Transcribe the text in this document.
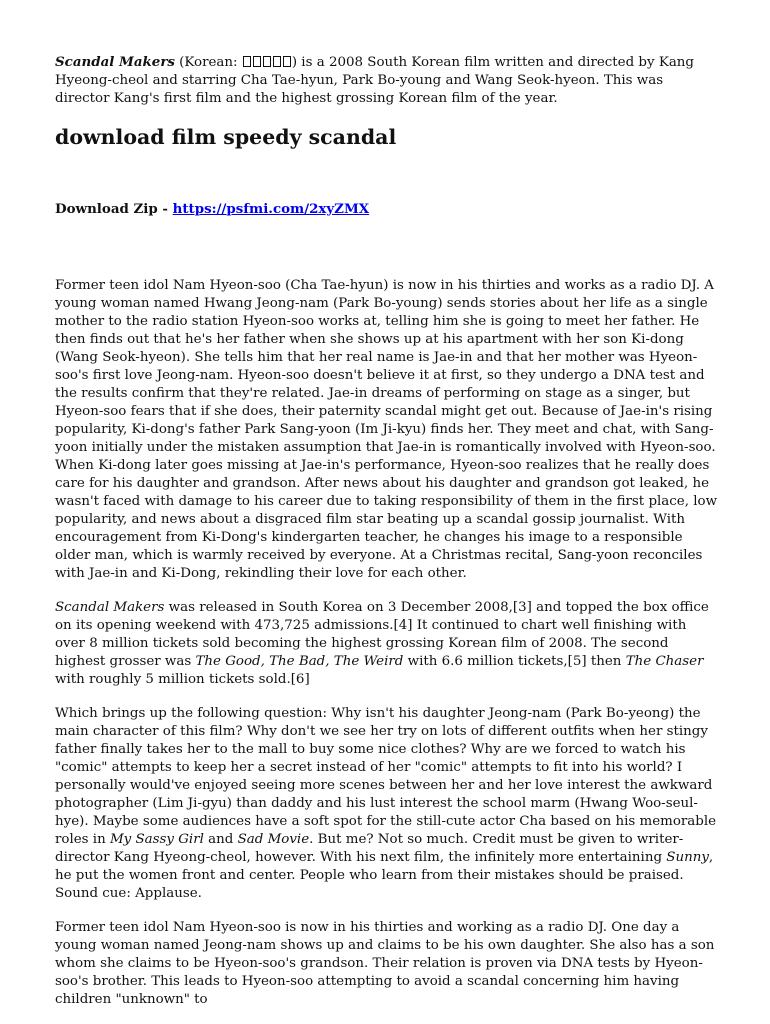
Scandal Makers (Korean:	) is a 2008 South Korean film written and directed by Kang Hyeong-cheol and starring Cha Tae-hyun, Park Bo-young and Wang Seok-hyeon. This was director Kang's first film and the highest grossing Korean film of the year.

download film speedy scandal
Download Zip - https://psfmi.com/2xyZMX

Former teen idol Nam Hyeon-soo (Cha Tae-hyun) is now in his thirties and works as a radio DJ. A young woman named Hwang Jeong-nam (Park Bo-young) sends stories about her life as a single mother to the radio station Hyeon-soo works at, telling him she is going to meet her father. He then finds out that he's her father when she shows up at his apartment with her son Ki-dong (Wang Seok-hyeon). She tells him that her real name is Jae-in and that her mother was Hyeon-soo's first love Jeong-nam. Hyeon-soo doesn't believe it at first, so they undergo a DNA test and the results confirm that they're related. Jae-in dreams of performing on stage as a singer, but Hyeon-soo fears that if she does, their paternity scandal might get out. Because of Jae-in's rising popularity, Ki-dong's father Park Sang-yoon (Im Ji-kyu) finds her. They meet and chat, with Sang-yoon initially under the mistaken assumption that Jae-in is romantically involved with Hyeon-soo. When Ki-dong later goes missing at Jae-in's performance, Hyeon-soo realizes that he really does care for his daughter and grandson. After news about his daughter and grandson got leaked, he wasn't faced with damage to his career due to taking responsibility of them in the first place, low popularity, and news about a disgraced film star beating up a scandal gossip journalist. With encouragement from Ki-Dong's kindergarten teacher, he changes his image to a responsible older man, which is warmly received by everyone. At a Christmas recital, Sang-yoon reconciles with Jae-in and Ki-Dong, rekindling their love for each other.

Scandal Makers was released in South Korea on 3 December 2008,[3] and topped the box office on its opening weekend with 473,725 admissions.[4] It continued to chart well finishing with over 8 million tickets sold becoming the highest grossing Korean film of 2008. The second highest grosser was The Good, The Bad, The Weird with 6.6 million tickets,[5] then The Chaser with roughly 5 million tickets sold.[6]

Which brings up the following question: Why isn't his daughter Jeong-nam (Park Bo-yeong) the main character of this film? Why don't we see her try on lots of different outfits when her stingy father finally takes her to the mall to buy some nice clothes? Why are we forced to watch his "comic" attempts to keep her a secret instead of her "comic" attempts to fit into his world? I personally would've enjoyed seeing more scenes between her and her love interest the awkward photographer (Lim Ji-gyu) than daddy and his lust interest the school marm (Hwang Woo-seul-hye). Maybe some audiences have a soft spot for the still-cute actor Cha based on his memorable roles in My Sassy Girl and Sad Movie. But me? Not so much. Credit must be given to writer-director Kang Hyeong-cheol, however. With his next film, the infinitely more entertaining Sunny, he put the women front and center. People who learn from their mistakes should be praised. Sound cue: Applause.

Former teen idol Nam Hyeon-soo is now in his thirties and working as a radio DJ. One day a young woman named Jeong-nam shows up and claims to be his own daughter. She also has a son whom she claims to be Hyeon-soo's grandson. Their relation is proven via DNA tests by Hyeon-soo's brother. This leads to Hyeon-soo attempting to avoid a scandal concerning him having children "unknown" to
